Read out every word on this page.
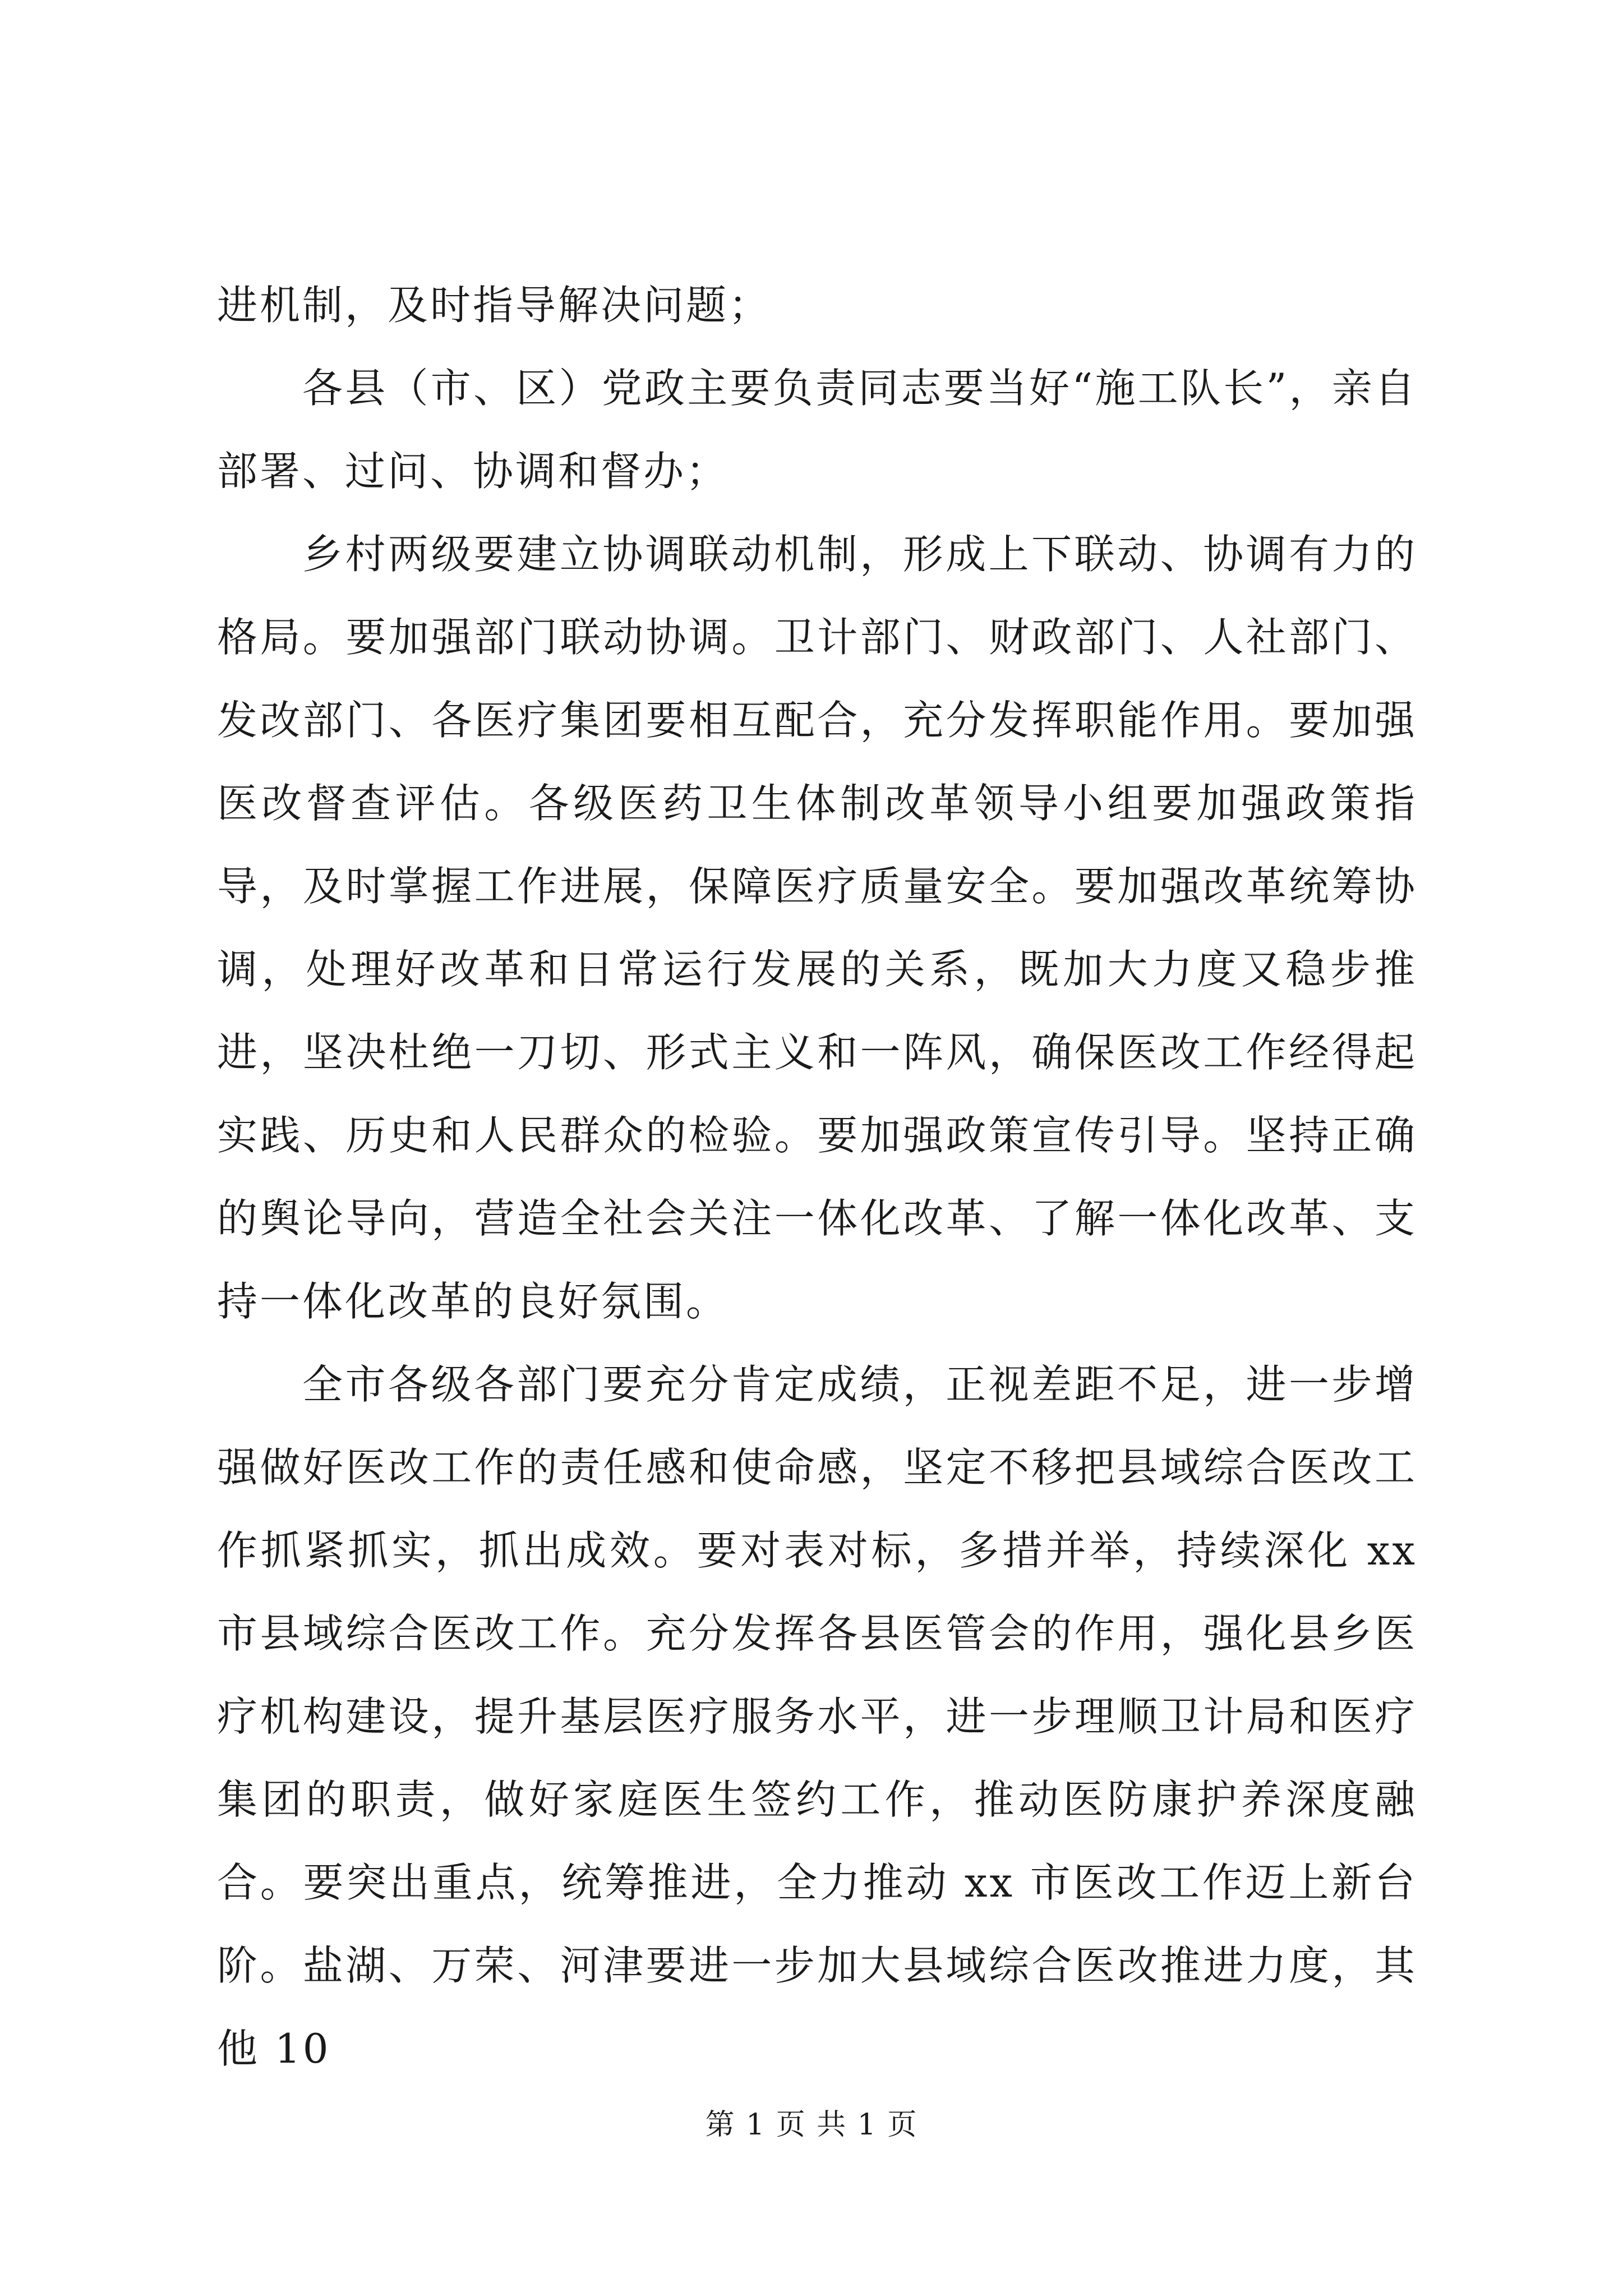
进机制，及时指导解决问题；

各县（市、区）党政主要负责同志要当好“施工队长”，亲自部署、过问、协调和督办；

乡村两级要建立协调联动机制，形成上下联动、协调有力的格局。要加强部门联动协调。卫计部门、财政部门、人社部门、发改部门、各医疗集团要相互配合，充分发挥职能作用。要加强医改督查评估。各级医药卫生体制改革领导小组要加强政策指导，及时掌握工作进展，保障医疗质量安全。要加强改革统筹协调，处理好改革和日常运行发展的关系，既加大力度又稳步推进，坚决杜绝一刀切、形式主义和一阵风，确保医改工作经得起实践、历史和人民群众的检验。要加强政策宣传引导。坚持正确的舆论导向，营造全社会关注一体化改革、了解一体化改革、支持一体化改革的良好氛围。

全市各级各部门要充分肯定成绩，正视差距不足，进一步增强做好医改工作的责任感和使命感，坚定不移把县域综合医改工作抓紧抓实，抓出成效。要对表对标，多措并举，持续深化 xx 市县域综合医改工作。充分发挥各县医管会的作用，强化县乡医疗机构建设，提升基层医疗服务水平，进一步理顺卫计局和医疗集团的职责，做好家庭医生签约工作，推动医防康护养深度融合。要突出重点，统筹推进，全力推动 xx 市医改工作迈上新台阶。盐湖、万荣、河津要进一步加大县域综合医改推进力度，其他 10

第 1 页 共 1 页
